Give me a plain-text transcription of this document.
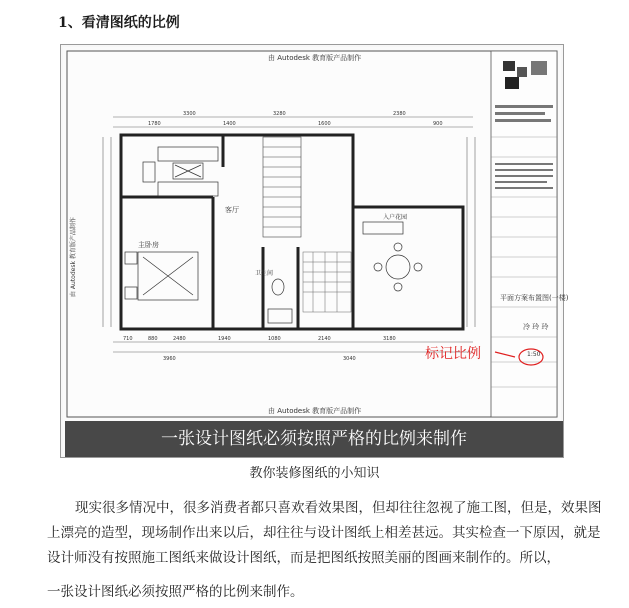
1、看清图纸的比例
由 Autodesk 教育版产品制作
由 Autodesk 教育版产品制作
3300	3280	2380
1780	1400	1600	900
710	880	2480	1940	1080	2140	3180
3960	3040
客厅
主卧房
卫生间
入户花园
由 Autodesk 教育版产品制作
平面方案布置图(一楼)
冷 玲 玲
1:50
标记比例
一张设计图纸必须按照严格的比例来制作
教你装修图纸的小知识
现实很多情况中，很多消费者都只喜欢看效果图，但却往往忽视了施工图，但是，效果图上漂亮的造型，现场制作出来以后，却往往与设计图纸上相差甚远。其实检查一下原因，就是设计师没有按照施工图纸来做设计图纸，而是把图纸按照美丽的图画来制作的。所以，
一张设计图纸必须按照严格的比例来制作。
